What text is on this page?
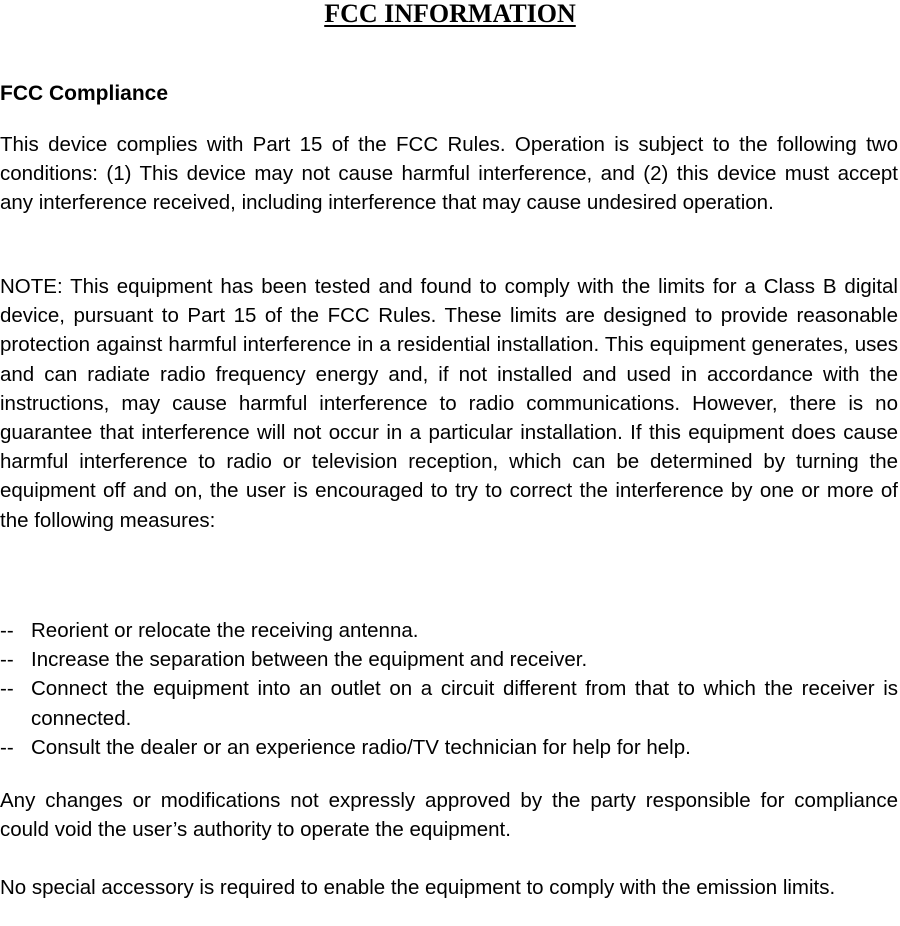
FCC INFORMATION
FCC Compliance

This device complies with Part 15 of the FCC Rules. Operation is subject to the following two conditions: (1) This device may not cause harmful interference, and (2) this device must accept any interference received, including interference that may cause undesired operation.

NOTE: This equipment has been tested and found to comply with the limits for a Class B digital device, pursuant to Part 15 of the FCC Rules. These limits are designed to provide reasonable protection against harmful interference in a residential installation. This equipment generates, uses and can radiate radio frequency energy and, if not installed and used in accordance with the instructions, may cause harmful interference to radio communications. However, there is no guarantee that interference will not occur in a particular installation. If this equipment does cause harmful interference to radio or television reception, which can be determined by turning the equipment off and on, the user is encouraged to try to correct the interference by one or more of the following measures:

-- Reorient or relocate the receiving antenna.
-- Increase the separation between the equipment and receiver.
-- Connect the equipment into an outlet on a circuit different from that to which the receiver is connected.
-- Consult the dealer or an experience radio/TV technician for help for help.

Any changes or modifications not expressly approved by the party responsible for compliance could void the user’s authority to operate the equipment.

No special accessory is required to enable the equipment to comply with the emission limits.
